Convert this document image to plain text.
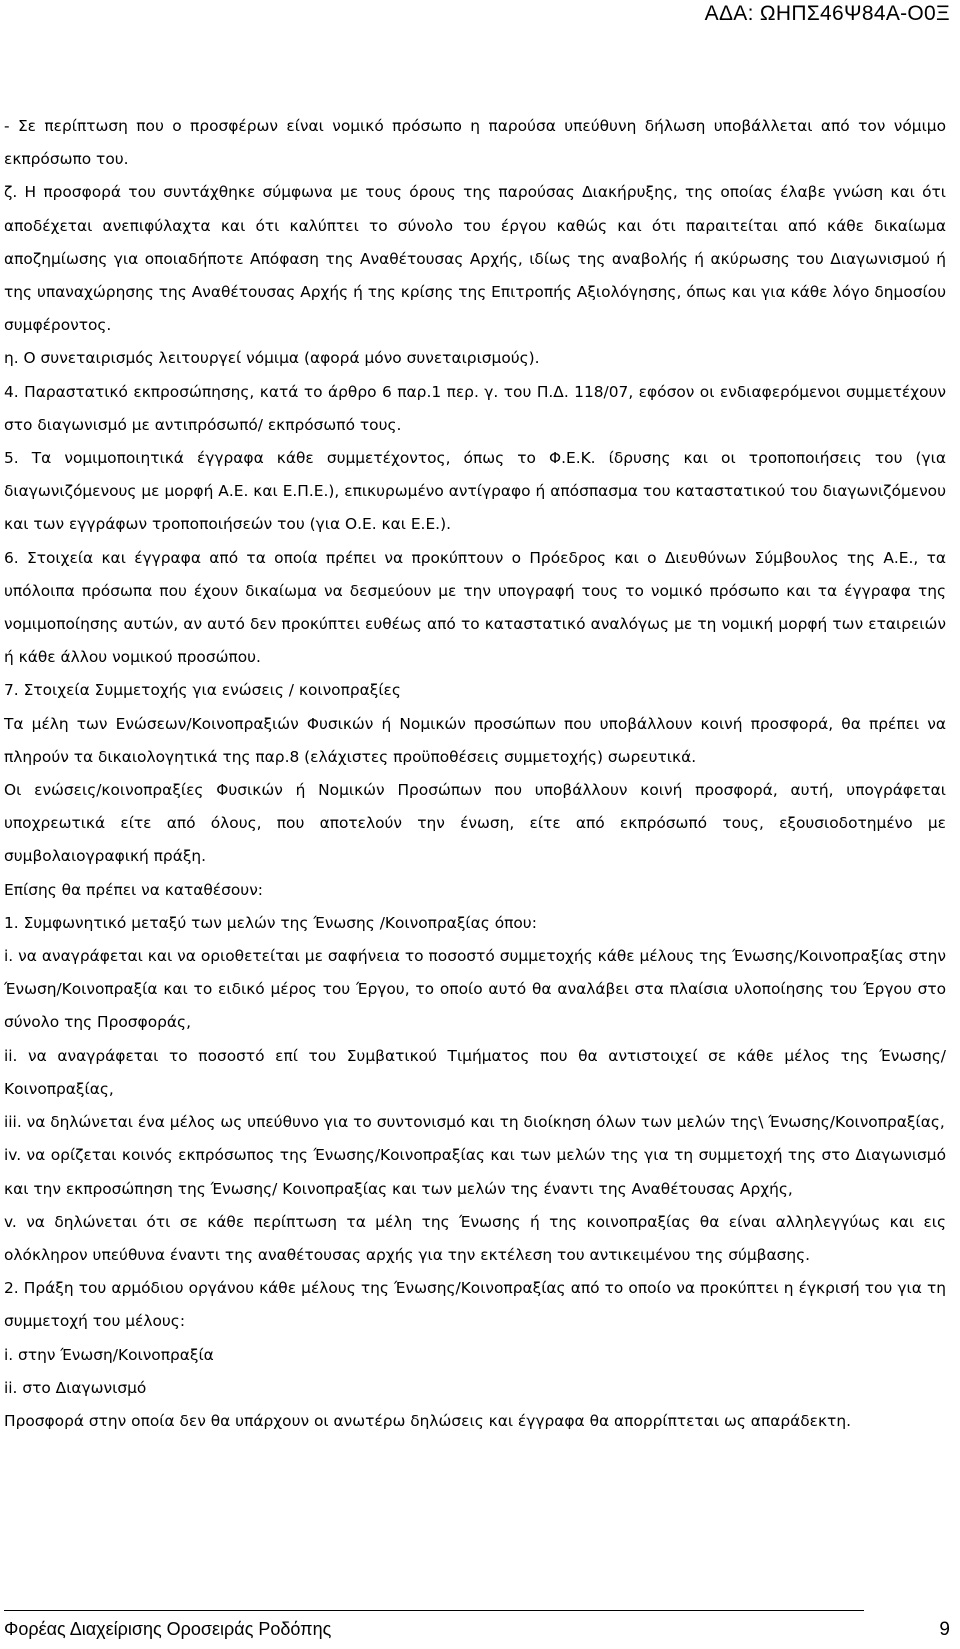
ΑΔΑ: ΩΗΠΣ46Ψ84Α-Ο0Ξ

- Σε περίπτωση που ο προσφέρων είναι νομικό πρόσωπο η παρούσα υπεύθυνη δήλωση υποβάλλεται από τον νόμιμο εκπρόσωπο του.

ζ. Η προσφορά του συντάχθηκε σύμφωνα με τους όρους της παρούσας Διακήρυξης, της οποίας έλαβε γνώση και ότι αποδέχεται ανεπιφύλαχτα και ότι καλύπτει το σύνολο του έργου καθώς και ότι παραιτείται από κάθε δικαίωμα αποζημίωσης για οποιαδήποτε Απόφαση της Αναθέτουσας Αρχής, ιδίως της αναβολής ή ακύρωσης του Διαγωνισμού ή της υπαναχώρησης της Αναθέτουσας Αρχής ή της κρίσης της Επιτροπής Αξιολόγησης, όπως και για κάθε λόγο δημοσίου συμφέροντος.

η. Ο συνεταιρισμός λειτουργεί νόμιμα (αφορά μόνο συνεταιρισμούς).

4. Παραστατικό εκπροσώπησης, κατά το άρθρο 6 παρ.1 περ. γ. του Π.Δ. 118/07, εφόσον οι ενδιαφερόμενοι συμμετέχουν στο διαγωνισμό με αντιπρόσωπό/ εκπρόσωπό τους.

5. Τα νομιμοποιητικά έγγραφα κάθε συμμετέχοντος, όπως το Φ.Ε.Κ. ίδρυσης και οι τροποποιήσεις του (για διαγωνιζόμενους με μορφή Α.Ε. και Ε.Π.Ε.), επικυρωμένο αντίγραφο ή απόσπασμα του καταστατικού του διαγωνιζόμενου και των εγγράφων τροποποιήσεών του (για Ο.Ε. και Ε.Ε.).

6. Στοιχεία και έγγραφα από τα οποία πρέπει να προκύπτουν ο Πρόεδρος και ο Διευθύνων Σύμβουλος της Α.Ε., τα υπόλοιπα πρόσωπα που έχουν δικαίωμα να δεσμεύουν με την υπογραφή τους το νομικό πρόσωπο και τα έγγραφα της νομιμοποίησης αυτών, αν αυτό δεν προκύπτει ευθέως από το καταστατικό αναλόγως με τη νομική μορφή των εταιρειών ή κάθε άλλου νομικού προσώπου.

7. Στοιχεία Συμμετοχής για ενώσεις / κοινοπραξίες

Τα μέλη των Ενώσεων/Κοινοπραξιών Φυσικών ή Νομικών προσώπων που υποβάλλουν κοινή προσφορά, θα πρέπει να πληρούν τα δικαιολογητικά της παρ.8 (ελάχιστες προϋποθέσεις συμμετοχής) σωρευτικά.

Οι ενώσεις/κοινοπραξίες Φυσικών ή Νομικών Προσώπων που υποβάλλουν κοινή προσφορά, αυτή, υπογράφεται υποχρεωτικά είτε από όλους, που αποτελούν την ένωση, είτε από εκπρόσωπό τους, εξουσιοδοτημένο με συμβολαιογραφική πράξη.

Επίσης θα πρέπει να καταθέσουν:

1. Συμφωνητικό μεταξύ των μελών της Ένωσης /Κοινοπραξίας όπου:

i. να αναγράφεται και να οριοθετείται με σαφήνεια το ποσοστό συμμετοχής κάθε μέλους της Ένωσης/Κοινοπραξίας στην Ένωση/Κοινοπραξία και το ειδικό μέρος του Έργου, το οποίο αυτό θα αναλάβει στα πλαίσια υλοποίησης του Έργου στο σύνολο της Προσφοράς,

ii. να αναγράφεται το ποσοστό επί του Συμβατικού Τιμήματος που θα αντιστοιχεί σε κάθε μέλος της Ένωσης/Κοινοπραξίας,

iii. να δηλώνεται ένα μέλος ως υπεύθυνο για το συντονισμό και τη διοίκηση όλων των μελών της\ Ένωσης/Κοινοπραξίας,

iv. να ορίζεται κοινός εκπρόσωπος της Ένωσης/Κοινοπραξίας και των μελών της για τη συμμετοχή της στο Διαγωνισμό και την εκπροσώπηση της Ένωσης/ Κοινοπραξίας και των μελών της έναντι της Αναθέτουσας Αρχής,

v. να δηλώνεται ότι σε κάθε περίπτωση τα μέλη της Ένωσης ή της κοινοπραξίας θα είναι αλληλεγγύως και εις ολόκληρον υπεύθυνα έναντι της αναθέτουσας αρχής για την εκτέλεση του αντικειμένου της σύμβασης.

2. Πράξη του αρμόδιου οργάνου κάθε μέλους της Ένωσης/Κοινοπραξίας από το οποίο να προκύπτει η έγκρισή του για τη συμμετοχή του μέλους:

i. στην Ένωση/Κοινοπραξία

ii. στο Διαγωνισμό

Προσφορά στην οποία δεν θα υπάρχουν οι ανωτέρω δηλώσεις και έγγραφα θα απορρίπτεται ως απαράδεκτη.

Φορέας Διαχείρισης Οροσειράς Ροδόπης	9
